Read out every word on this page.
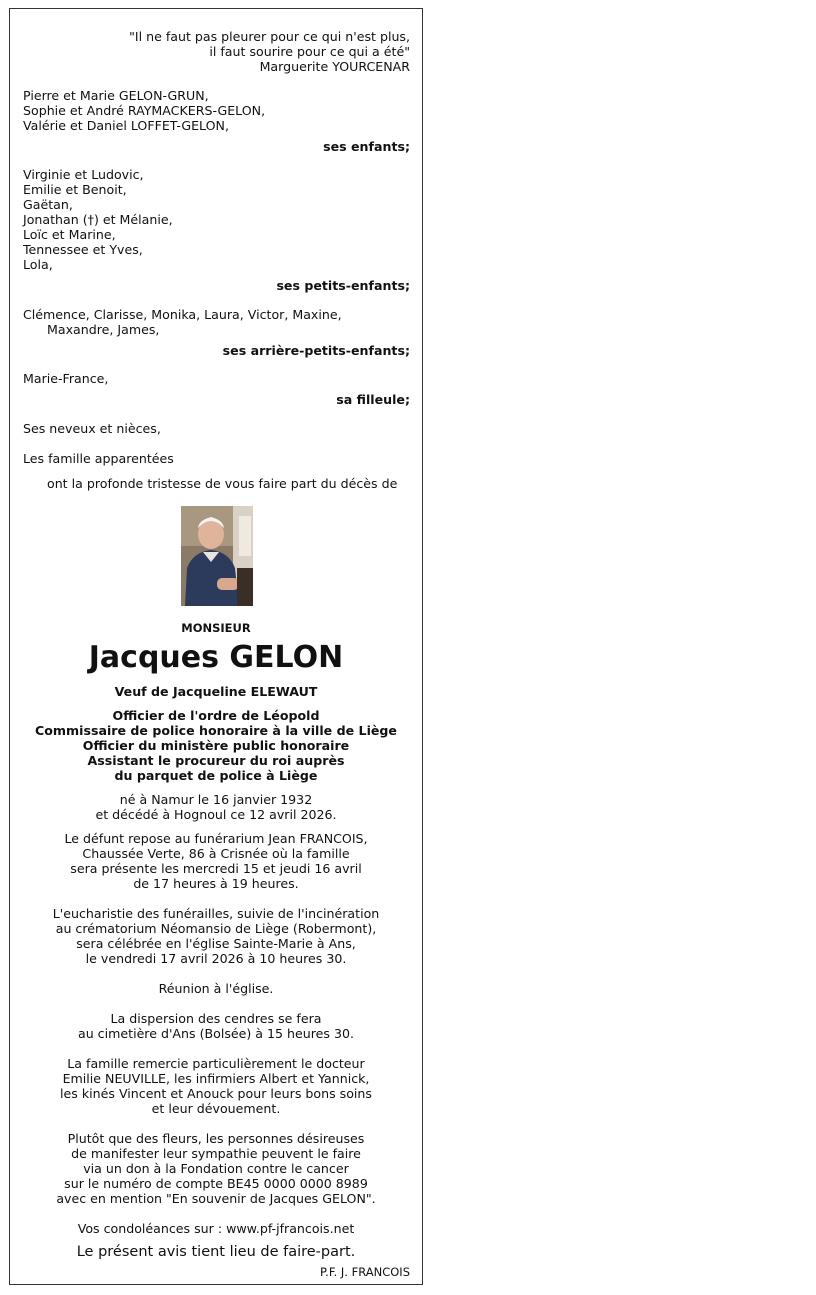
"Il ne faut pas pleurer pour ce qui n'est plus,
il faut sourire pour ce qui a été"
Marguerite YOURCENAR
Pierre et Marie GELON-GRUN,
Sophie et André RAYMACKERS-GELON,
Valérie et Daniel LOFFET-GELON,
ses enfants;
Virginie et Ludovic,
Emilie et Benoit,
Gaëtan,
Jonathan (†) et Mélanie,
Loïc et Marine,
Tennessee et Yves,
Lola,
ses petits-enfants;
Clémence, Clarisse, Monika, Laura, Victor, Maxine,
Maxandre, James,
ses arrière-petits-enfants;
Marie-France,
sa filleule;
Ses neveux et nièces,
Les famille apparentées
ont la profonde tristesse de vous faire part du décès de
MONSIEUR
Jacques GELON
Veuf de Jacqueline ELEWAUT
Officier de l'ordre de Léopold
Commissaire de police honoraire à la ville de Liège
Officier du ministère public honoraire
Assistant le procureur du roi auprès
du parquet de police à Liège
né à Namur le 16 janvier 1932
et décédé à Hognoul ce 12 avril 2026.
Le défunt repose au funérarium Jean FRANCOIS,
Chaussée Verte, 86 à Crisnée où la famille
sera présente les mercredi 15 et jeudi 16 avril
de 17 heures à 19 heures.
L'eucharistie des funérailles, suivie de l'incinération
au crématorium Néomansio de Liège (Robermont),
sera célébrée en l'église Sainte-Marie à Ans,
le vendredi 17 avril 2026 à 10 heures 30.
Réunion à l'église.
La dispersion des cendres se fera
au cimetière d'Ans (Bolsée) à 15 heures 30.
La famille remercie particulièrement le docteur
Emilie NEUVILLE, les infirmiers Albert et Yannick,
les kinés Vincent et Anouck pour leurs bons soins
et leur dévouement.
Plutôt que des fleurs, les personnes désireuses
de manifester leur sympathie peuvent le faire
via un don à la Fondation contre le cancer
sur le numéro de compte BE45 0000 0000 8989
avec en mention "En souvenir de Jacques GELON".
Vos condoléances sur : www.pf-jfrancois.net
Le présent avis tient lieu de faire-part.
P.F. J. FRANCOIS
